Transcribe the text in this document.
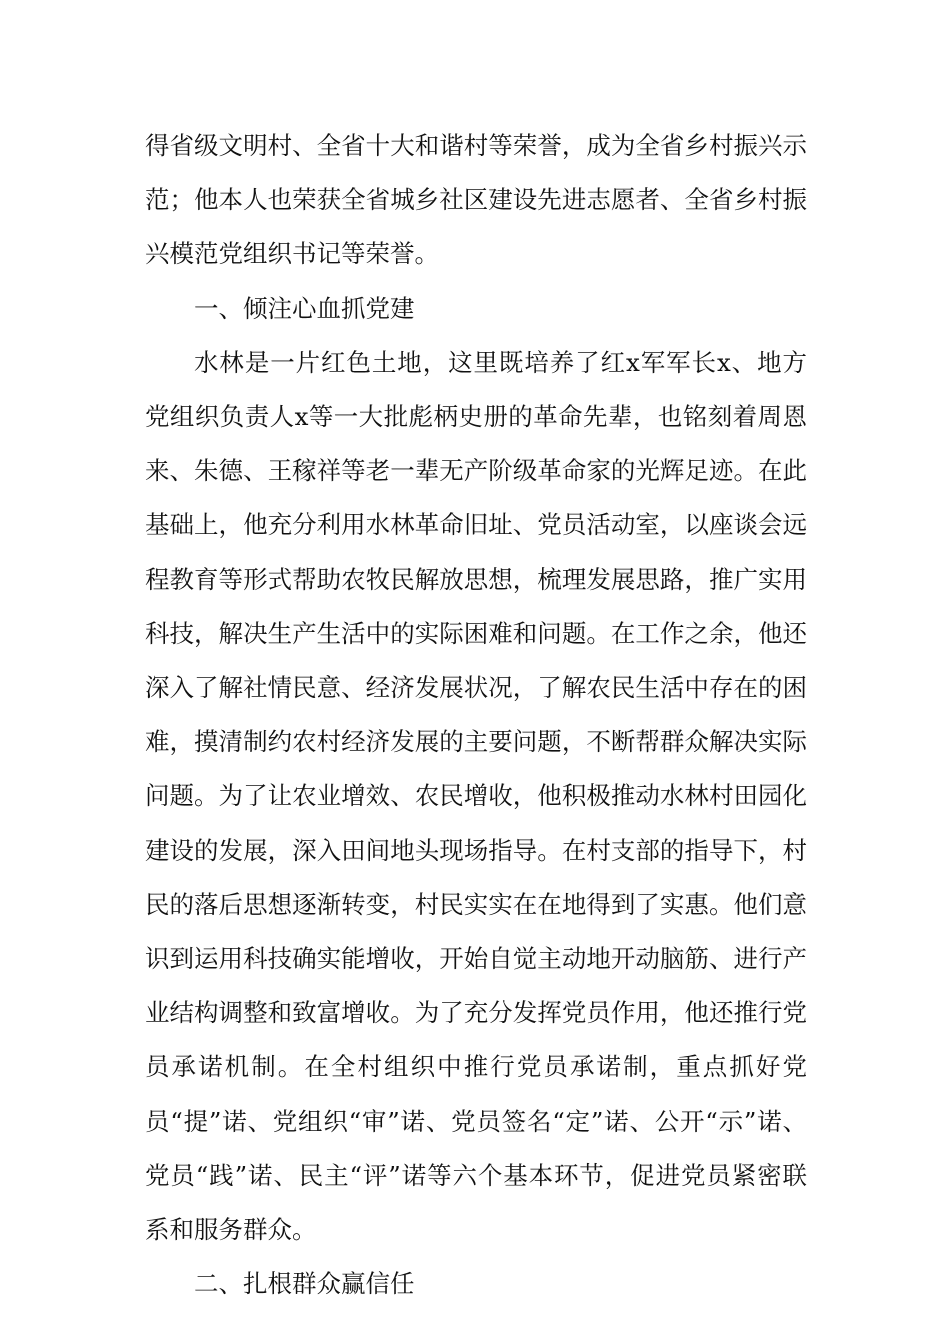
得省级文明村、全省十大和谐村等荣誉，成为全省乡村振兴示范；他本人也荣获全省城乡社区建设先进志愿者、全省乡村振兴模范党组织书记等荣誉。

一、倾注心血抓党建

水林是一片红色土地，这里既培养了红x军军长x、地方党组织负责人x等一大批彪柄史册的革命先辈，也铭刻着周恩来、朱德、王稼祥等老一辈无产阶级革命家的光辉足迹。在此基础上，他充分利用水林革命旧址、党员活动室，以座谈会远程教育等形式帮助农牧民解放思想，梳理发展思路，推广实用科技，解决生产生活中的实际困难和问题。在工作之余，他还深入了解社情民意、经济发展状况，了解农民生活中存在的困难，摸清制约农村经济发展的主要问题，不断帮群众解决实际问题。为了让农业增效、农民增收，他积极推动水林村田园化建设的发展，深入田间地头现场指导。在村支部的指导下，村民的落后思想逐渐转变，村民实实在在地得到了实惠。他们意识到运用科技确实能增收，开始自觉主动地开动脑筋、进行产业结构调整和致富增收。为了充分发挥党员作用，他还推行党员承诺机制。在全村组织中推行党员承诺制，重点抓好党员“提”诺、党组织“审”诺、党员签名“定”诺、公开“示”诺、党员“践”诺、民主“评”诺等六个基本环节，促进党员紧密联系和服务群众。

二、扎根群众赢信任
